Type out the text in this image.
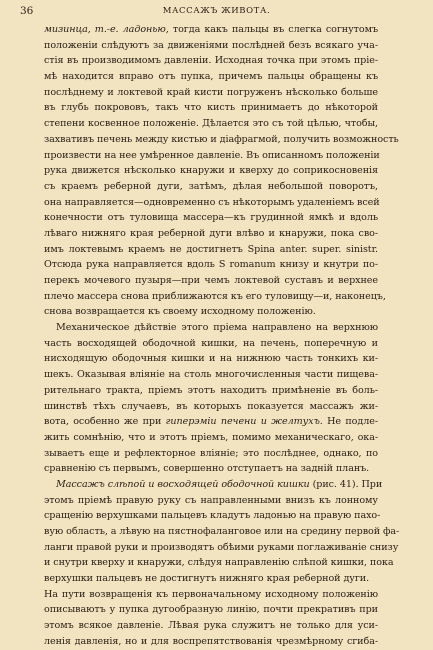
36	МАССАЖЪ ЖИВОТА.
мизинца, т.-е. ладонью, тогда какъ пальцы въ слегка согнутомъ
положеніи слѣдуютъ за движеніями послѣдней безъ всякаго уча-
стія въ производимомъ давленіи. Исходная точка при этомъ пріе-
мѣ находится вправо отъ пупка, причемъ пальцы обращены къ
послѣднему и локтевой край кисти погруженъ нѣсколько больше
въ глубь покрововъ, такъ что кисть принимаетъ до нѣкоторой
степени косвенное положеніе. Дѣлается это съ той цѣлью, чтобы,
захвативъ печень между кистью и діафрагмой, получить возможность
произвести на нее умѣренное давленіе. Въ описанномъ положеніи
рука движется нѣсколько кнаружи и кверху до соприкосновенія
съ краемъ реберной дуги, затѣмъ, дѣлая небольшой поворотъ,
она направляется—одновременно съ нѣкоторымъ удаленіемъ всей
конечности отъ туловища массера—къ грудинной ямкѣ и вдоль
лѣваго нижняго края реберной дуги влѣво и кнаружи, пока сво-
имъ локтевымъ краемъ не достигнетъ Spina anter. super. sinistr.
Отсюда рука направляется вдоль S romanum книзу и кнутри по-
перекъ мочевого пузыря—при чемъ локтевой суставъ и верхнее
плечо массера снова приближаются къ его туловищу—и, наконецъ,
снова возвращается къ своему исходному положенію.
Механическое дѣйствіе этого пріема направлено на верхнюю
часть восходящей ободочной кишки, на печень, поперечную и
нисходящую ободочныя кишки и на нижнюю часть тонкихъ ки-
шекъ. Оказывая вліяніе на столь многочисленныя части пищева-
рительнаго тракта, пріемъ этотъ находитъ примѣненіе въ боль-
шинствѣ тѣхъ случаевъ, въ которыхъ показуется массажъ жи-
вота, особенно же при гиперэміи печени и желтухъ. Не подле-
жить сомнѣнію, что и этотъ пріемъ, помимо механическаго, ока-
зываетъ еще и рефлекторное вліяніе; это послѣднее, однако, по
сравненію съ первымъ, совершенно отступаетъ на задній планъ.
Массажъ слѣпой и восходящей ободочной кишки (рис. 41). При
этомъ пріемѣ правую руку съ направленными внизъ къ лонному
сращенію верхушками пальцевъ кладутъ ладонью на правую пахо-
вую область, а лѣвую на пястнофаланговое или на средину первой фа-
ланги правой руки и производятъ обѣими руками поглаживаніе снизу
и снутри кверху и кнаружи, слѣдуя направленію слѣпой кишки, пока
верхушки пальцевъ не достигнутъ нижняго края реберной дуги.
На пути возвращенія къ первоначальному исходному положенію
описываютъ у пупка дугообразную линію, почти прекративъ при
этомъ всякое давленіе. Лѣвая рука служитъ не только для уси-
ленія давленія, но и для воспрепятствованія чрезмѣрному сгиба-
